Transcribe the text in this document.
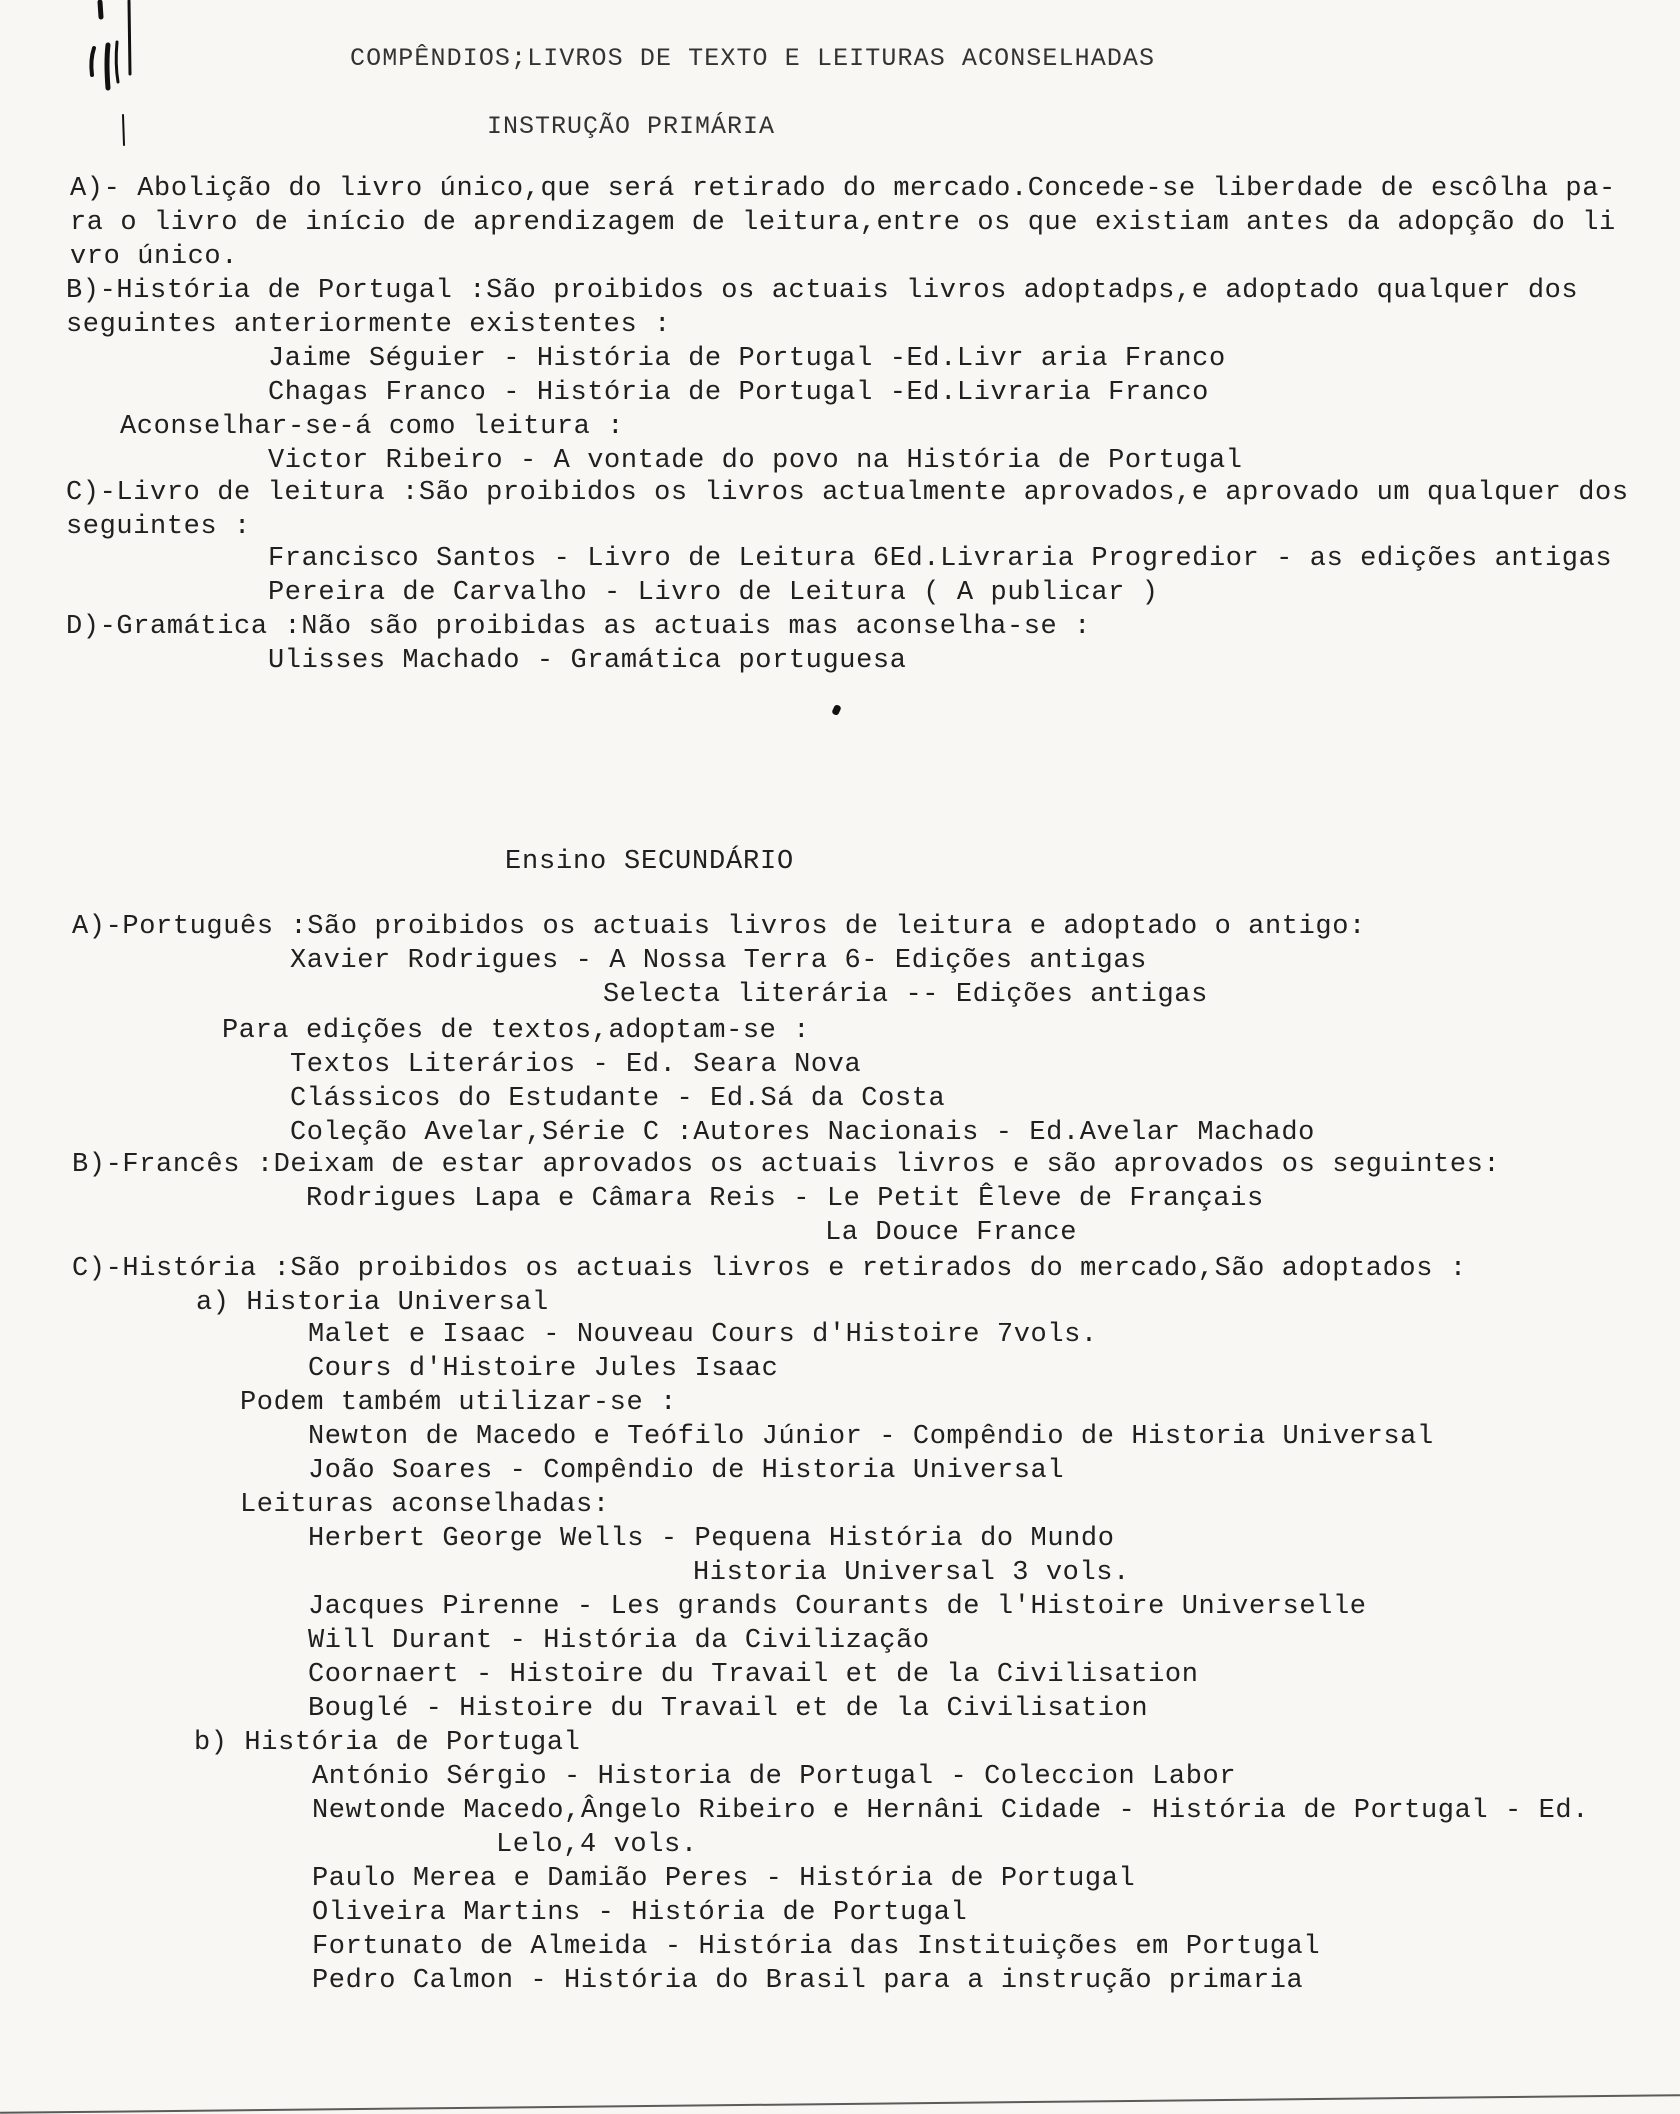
COMPÊNDIOS;LIVROS DE TEXTO E LEITURAS ACONSELHADAS
INSTRUÇÃO PRIMÁRIA
A)- Abolição do livro único,que será retirado do mercado.Concede-se liberdade de escôlha pa-
ra o livro de início de aprendizagem de leitura,entre os que existiam antes da adopção do li
vro único.
B)-História de Portugal :São proibidos os actuais livros adoptadps,e adoptado qualquer dos
seguintes anteriormente existentes :
Jaime Séguier - História de Portugal -Ed.Livr aria Franco
Chagas Franco - História de Portugal -Ed.Livraria Franco
Aconselhar-se-á como leitura :
Victor Ribeiro - A vontade do povo na História de Portugal
C)-Livro de leitura :São proibidos os livros actualmente aprovados,e aprovado um qualquer dos
seguintes :
Francisco Santos - Livro de Leitura 6Ed.Livraria Progredior - as edições antigas
Pereira de Carvalho - Livro de Leitura ( A publicar )
D)-Gramática :Não são proibidas as actuais mas aconselha-se :
Ulisses Machado - Gramática portuguesa
Ensino SECUNDÁRIO
A)-Português :São proibidos os actuais livros de leitura e adoptado o antigo:
Xavier Rodrigues - A Nossa Terra 6- Edições antigas
Selecta literária -- Edições antigas
Para edições de textos,adoptam-se :
Textos Literários - Ed. Seara Nova
Clássicos do Estudante - Ed.Sá da Costa
Coleção Avelar,Série C :Autores Nacionais - Ed.Avelar Machado
B)-Francês :Deixam de estar aprovados os actuais livros e são aprovados os seguintes:
Rodrigues Lapa e Câmara Reis - Le Petit Êleve de Français
La Douce France
C)-História :São proibidos os actuais livros e retirados do mercado,São adoptados :
a) Historia Universal
Malet e Isaac - Nouveau Cours d'Histoire 7vols.
Cours d'Histoire Jules Isaac
Podem também utilizar-se :
Newton de Macedo e Teófilo Júnior - Compêndio de Historia Universal
João Soares - Compêndio de Historia Universal
Leituras aconselhadas:
Herbert George Wells - Pequena História do Mundo
Historia Universal 3 vols.
Jacques Pirenne - Les grands Courants de l'Histoire Universelle
Will Durant - História da Civilização
Coornaert - Histoire du Travail et de la Civilisation
Bouglé - Histoire du Travail et de la Civilisation
b) História de Portugal
António Sérgio - Historia de Portugal - Coleccion Labor
Newtonde Macedo,Ângelo Ribeiro e Hernâni Cidade - História de Portugal - Ed.
Lelo,4 vols.
Paulo Merea e Damião Peres - História de Portugal
Oliveira Martins - História de Portugal
Fortunato de Almeida - História das Instituições em Portugal
Pedro Calmon - História do Brasil para a instrução primaria
